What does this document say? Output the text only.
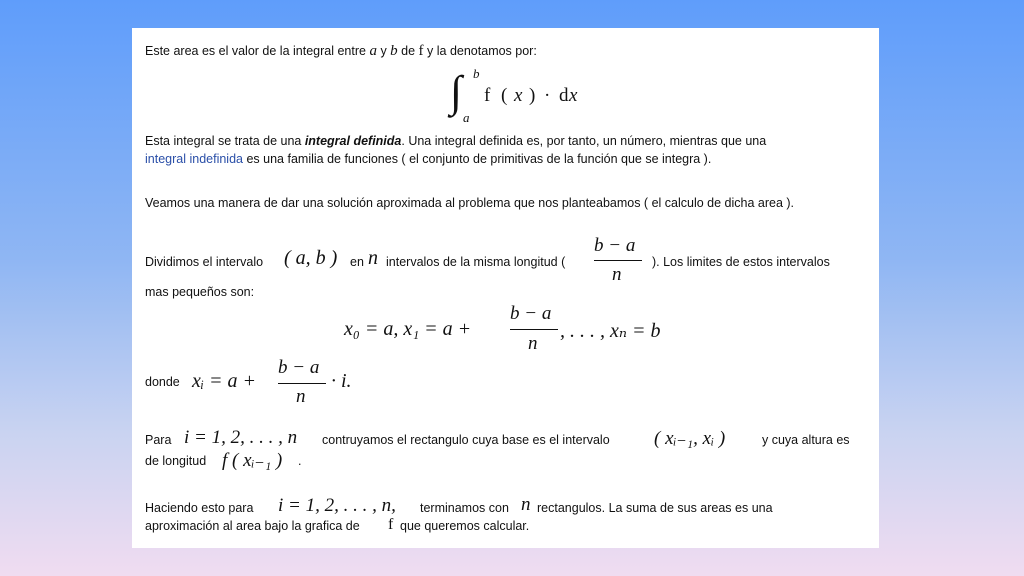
Este area es el valor de la integral entre a y b de f y la denotamos por:
∫ b
a
f ( x ) · d x
Esta integral se trata de una integral definida. Una integral definida es, por tanto, un número, mientras que una
integral indefinida es una familia de funciones ( el conjunto de primitivas de la función que se integra ).
Veamos una manera de dar una solución aproximada al problema que nos planteabamos ( el calculo de dicha area ).
Dividimos el intervalo ( a, b ) en n intervalos de la misma longitud (
b − a
n
). Los limites de estos intervalos
mas pequeños son:
x₀ = a, x₁ = a +
b − a
n
, . . . , xₙ = b
donde xᵢ = a +
b − a
n
· i.
Para i = 1, 2, . . . , n contruyamos el rectangulo cuya base es el intervalo ( xᵢ₋₁, xᵢ )	y cuya altura es
de longitud f ( xᵢ₋₁ ) .
Haciendo esto para i = 1, 2, . . . , n, terminamos con n rectangulos. La suma de sus areas es una
aproximación al area bajo la grafica de f que queremos calcular.
